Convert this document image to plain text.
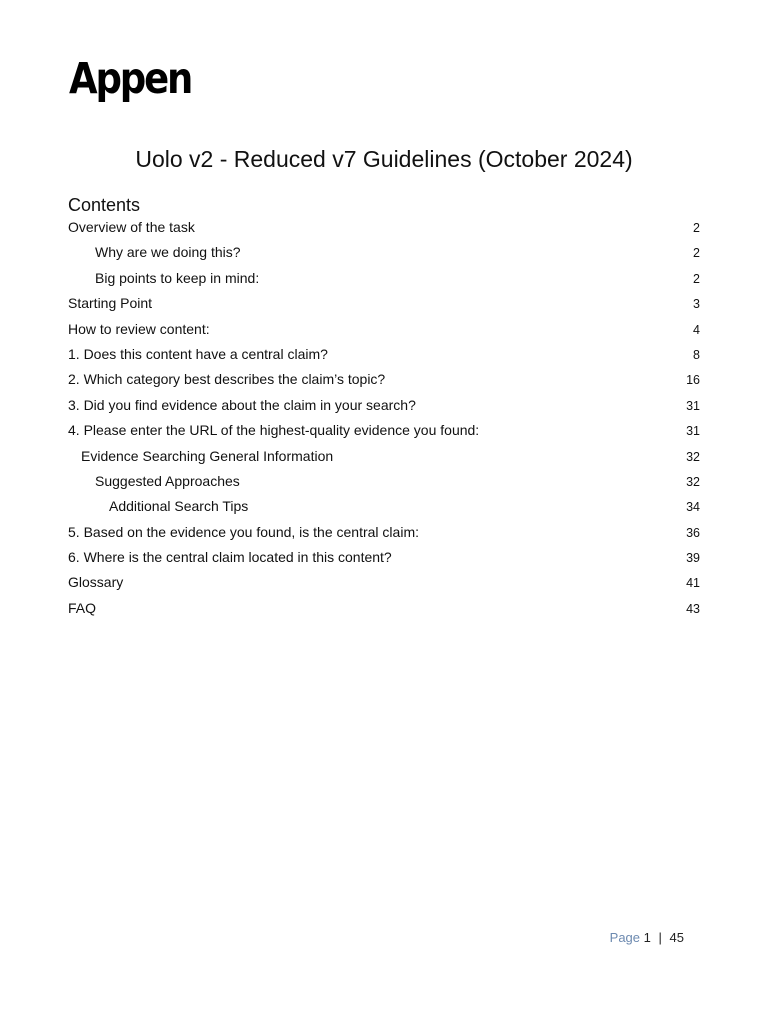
Appen
Uolo v2 - Reduced v7 Guidelines (October 2024)
Contents
Overview of the task	2
Why are we doing this?	2
Big points to keep in mind:	2
Starting Point	3
How to review content:	4
1. Does this content have a central claim?	8
2. Which category best describes the claim’s topic?	16
3. Did you find evidence about the claim in your search?	31
4. Please enter the URL of the highest-quality evidence you found:	31
Evidence Searching General Information	32
Suggested Approaches	32
Additional Search Tips	34
5. Based on the evidence you found, is the central claim:	36
6. Where is the central claim located in this content?	39
Glossary	41
FAQ	43
Page 1 | 45
